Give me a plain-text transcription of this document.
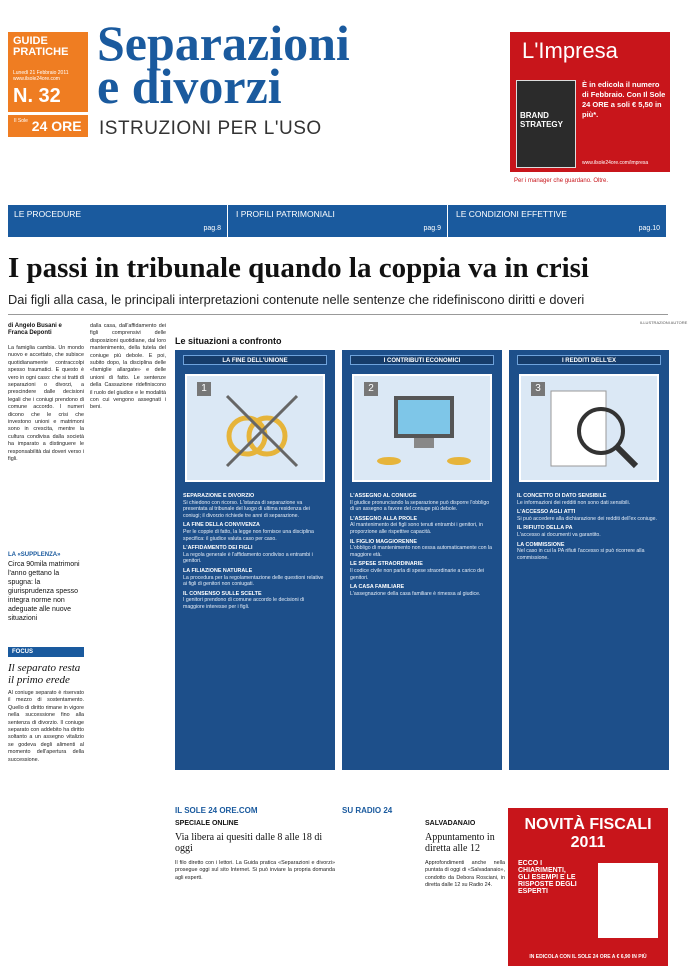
GUIDE PRATICHE
Lunedì 21 Febbraio 2011
www.ilsole24ore.com
N. 32
$^{Il Sole}$ 24 ORE
Separazioni
e divorzi
ISTRUZIONI PER L'USO
L'Impresa
BRAND STRATEGY
È in edicola il numero di Febbraio. Con Il Sole 24 ORE a soli € 5,50 in più*.
www.ilsole24ore.com/impresa
Per i manager che guardano. Oltre.
LE PROCEDURE
pag.8
I PROFILI PATRIMONIALI
pag.9
LE CONDIZIONI EFFETTIVE
pag.10
I passi in tribunale quando la coppia va in crisi
Dai figli alla casa, le principali interpretazioni contenute nelle sentenze che ridefiniscono diritti e doveri
di Angelo Busani e Franca Deponti

La famiglia cambia. Un mondo nuovo e accettato, che subisce quotidianamente contraccolpi spesso traumatici. E questo è vero in ogni caso: che si tratti di separazioni o divorzi, a prescindere dalle decisioni legali che i coniugi prendono di comune accordo. I numeri dicono che le crisi che investono unioni e matrimoni sono in crescita, mentre la cultura condivisa dalla società ha imparato a distinguere le responsabilità dai doveri verso i figli.

dalla casa, dall'affidamento dei figli comprensivi delle disposizioni quotidiane, dal loro mantenimento, della tutela del coniuge più debole. E poi, subito dopo, la disciplina delle «famiglie allargate» e delle unioni di fatto. Le sentenze della Cassazione ridefiniscono il ruolo del giudice e le modalità con cui vengono assegnati i beni.

LA «SUPPLENZA»
Circa 90mila matrimoni l'anno gettano la spugna: la giurisprudenza spesso integra norme non adeguate alle nuove situazioni
FOCUS
Il separato resta il primo erede

Al coniuge separato è riservato il mezzo di sostentamento. Quello di diritto rimane in vigore nella successione fino alla sentenza di divorzio. Il coniuge separato con addebito ha diritto soltanto a un assegno vitalizio se godeva degli alimenti al momento dell'apertura della successione.

Le situazioni a confronto
ILLUSTRAZIONI AUTORE
LA FINE DELL'UNIONE
1
SEPARAZIONE E DIVORZIO

Si chiedono con ricorso. L'istanza di separazione va presentata al tribunale del luogo di ultima residenza dei coniugi; il divorzio richiede tre anni di separazione.

LA FINE DELLA CONVIVENZA

Per le coppie di fatto, la legge non fornisce una disciplina specifica: il giudice valuta caso per caso.

L'AFFIDAMENTO DEI FIGLI

La regola generale è l'affidamento condiviso a entrambi i genitori.

LA FILIAZIONE NATURALE

La procedura per la regolamentazione delle questioni relative ai figli di genitori non coniugati.

IL CONSENSO SULLE SCELTE

I genitori prendono di comune accordo le decisioni di maggiore interesse per i figli.

I CONTRIBUTI ECONOMICI
2
L'ASSEGNO AL CONIUGE

Il giudice pronunciando la separazione può disporre l'obbligo di un assegno a favore del coniuge più debole.

L'ASSEGNO ALLA PROLE

Al mantenimento dei figli sono tenuti entrambi i genitori, in proporzione alle rispettive capacità.

IL FIGLIO MAGGIORENNE

L'obbligo di mantenimento non cessa automaticamente con la maggiore età.

LE SPESE STRAORDINARIE

Il codice civile non parla di spese straordinarie a carico dei genitori.

LA CASA FAMILIARE

L'assegnazione della casa familiare è rimessa al giudice.

I REDDITI DELL'EX
3
IL CONCETTO DI DATO SENSIBILE

Le informazioni dei redditi non sono dati sensibili.

L'ACCESSO AGLI ATTI

Si può accedere alla dichiarazione dei redditi dell'ex coniuge.

IL RIFIUTO DELLA PA

L'accesso ai documenti va garantito.

LA COMMISSIONE

Nel caso in cui la PA rifiuti l'accesso si può ricorrere alla commissione.

IL SOLE 24 ORE.COM
SPECIALE ONLINE
Via libera ai quesiti dalle 8 alle 18 di oggi

Il filo diretto con i lettori. La Guida pratica «Separazioni e divorzi» prosegue oggi sul sito Internet. Si può inviare la propria domanda agli esperti.

SU RADIO 24
SALVADANAIO
Appuntamento in diretta alle 12

Approfondimenti anche nella puntata di oggi di «Salvadanaio», condotto da Debora Rosciani, in diretta dalle 12 su Radio 24.

NOVITÀ FISCALI 2011
ECCO I CHIARIMENTI, GLI ESEMPI E LE RISPOSTE DEGLI ESPERTI
IN EDICOLA CON IL SOLE 24 ORE A € 6,90 IN PIÙ
